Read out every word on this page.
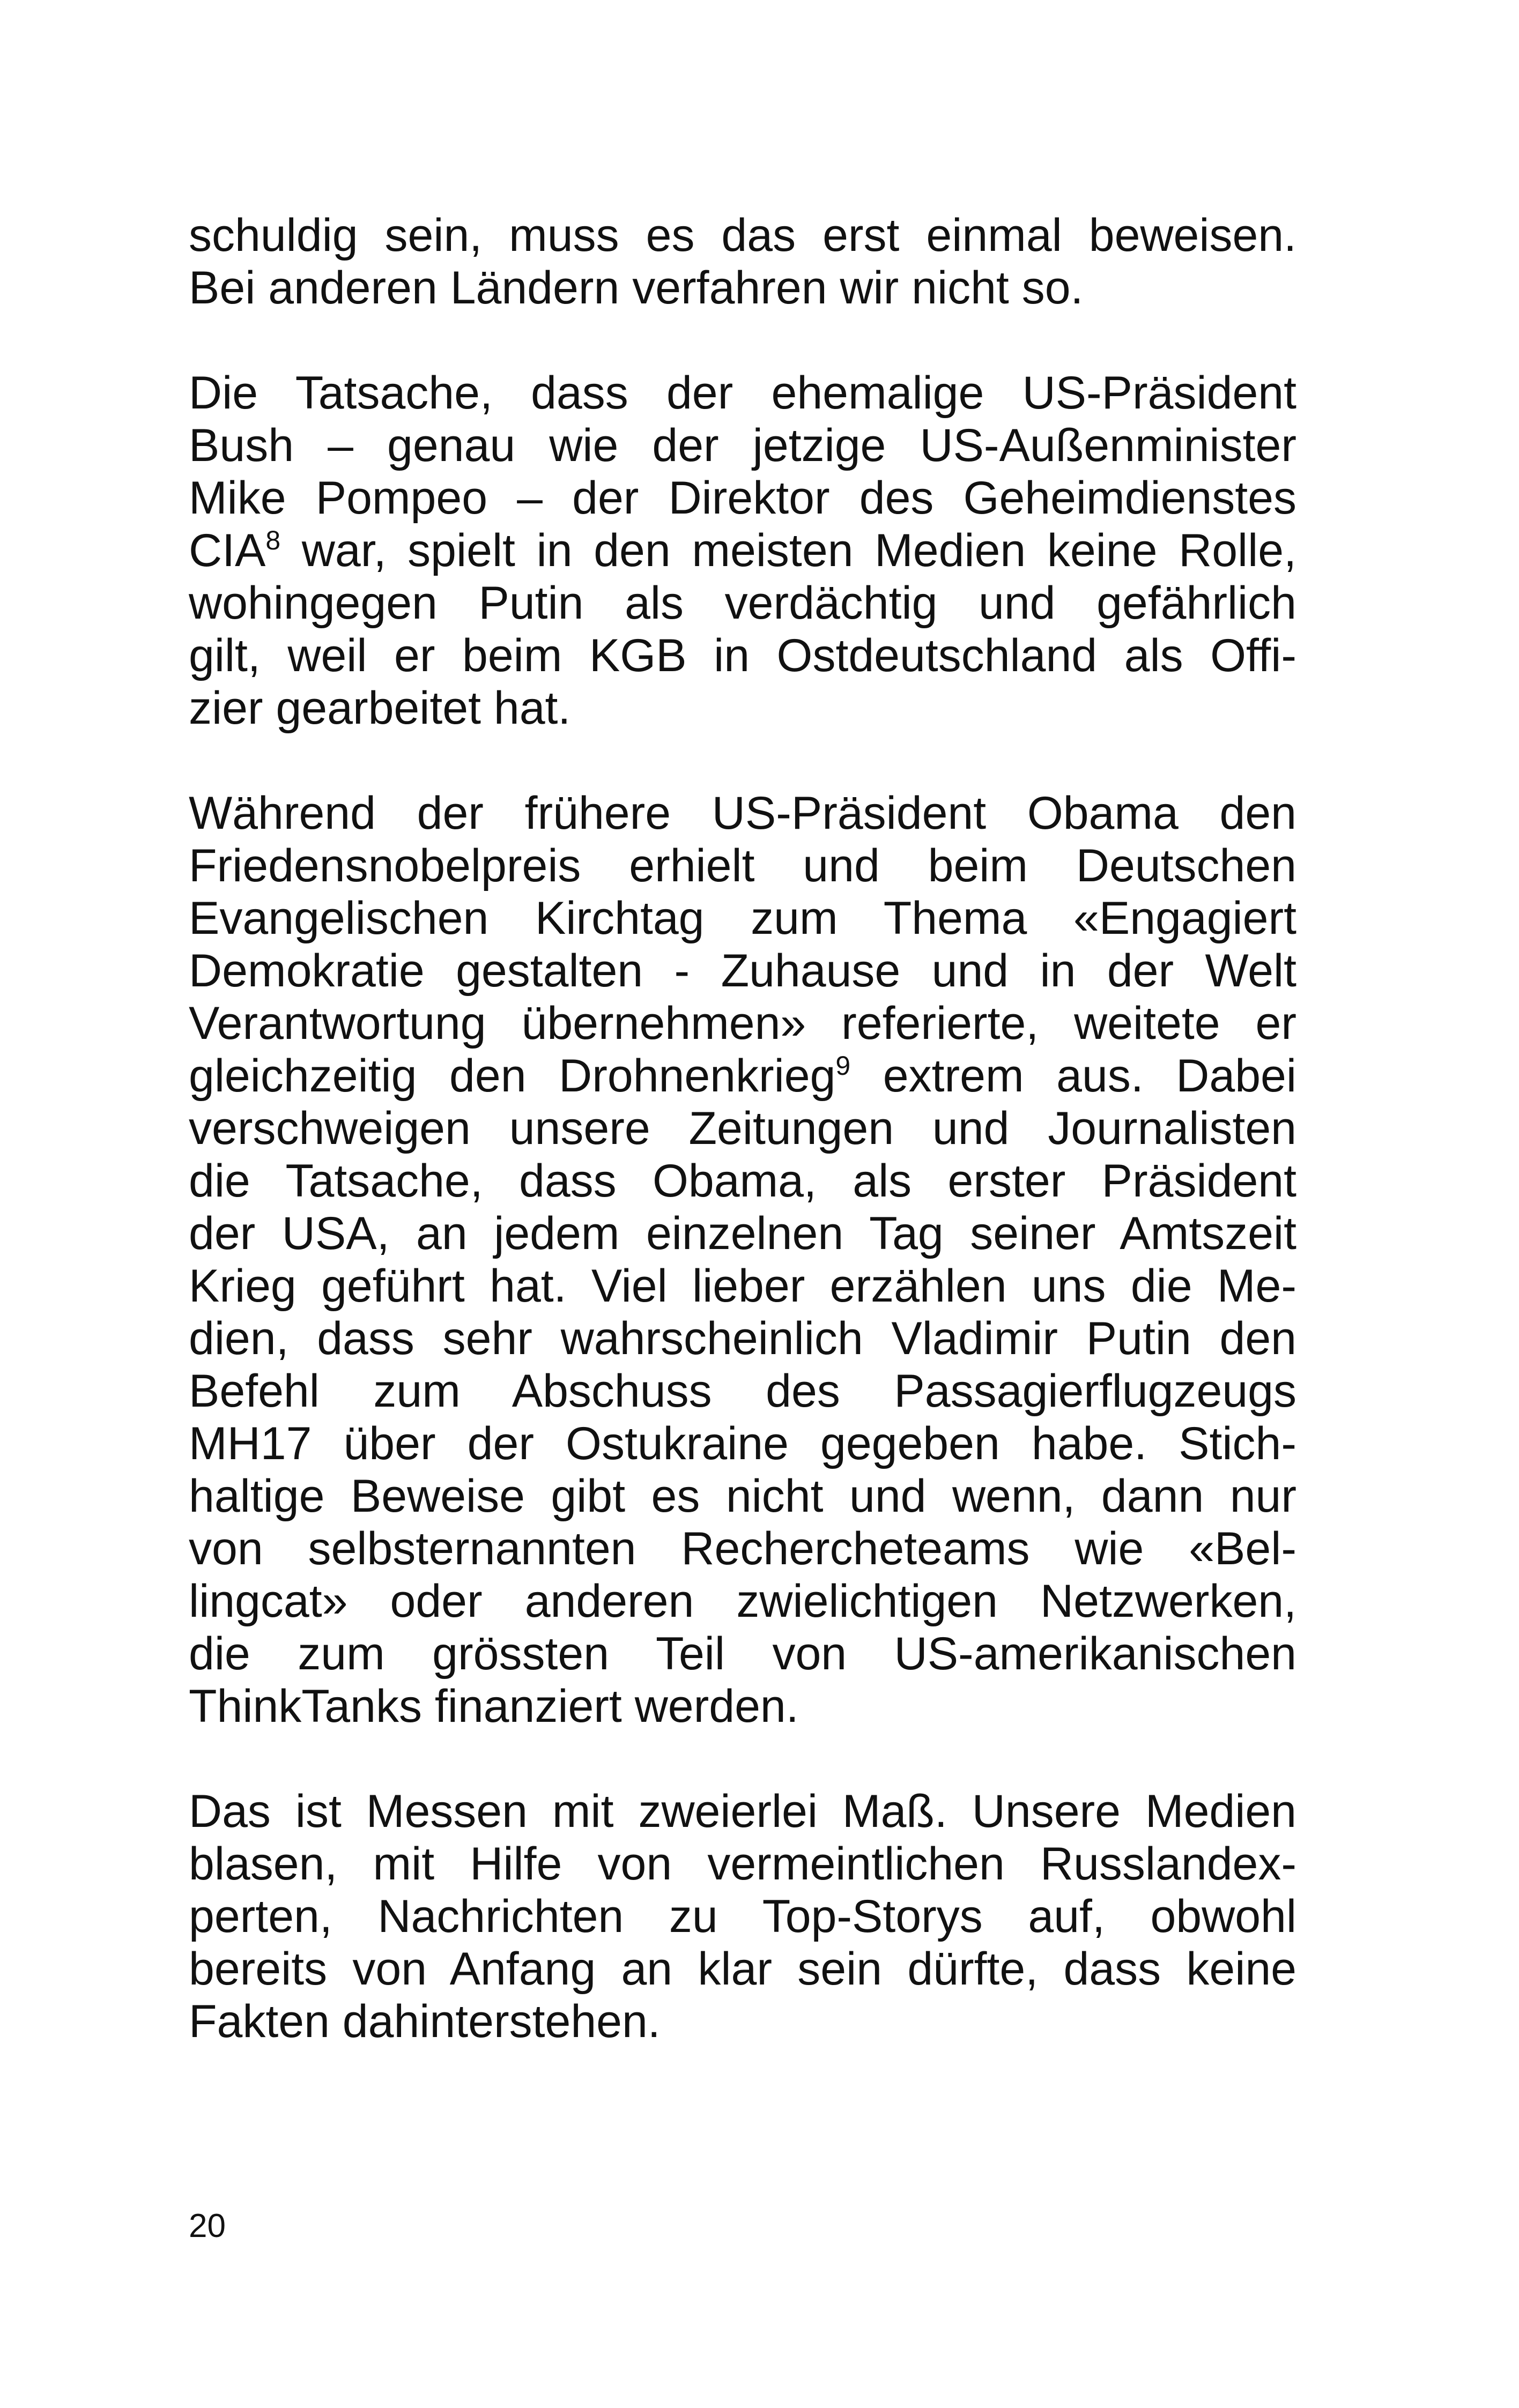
schuldig sein, muss es das erst einmal beweisen.
Bei anderen Ländern verfahren wir nicht so.

Die Tatsache, dass der ehemalige US-Präsident
Bush – genau wie der jetzige US-Außenminister
Mike Pompeo – der Direktor des Geheimdienstes
CIA$^8$ war, spielt in den meisten Medien keine Rolle,
wohingegen Putin als verdächtig und gefährlich
gilt, weil er beim KGB in Ostdeutschland als Offi-
zier gearbeitet hat.

Während der frühere US-Präsident Obama den
Friedensnobelpreis erhielt und beim Deutschen
Evangelischen Kirchtag zum Thema «Engagiert
Demokratie gestalten - Zuhause und in der Welt
Verantwortung übernehmen» referierte, weitete er
gleichzeitig den Drohnenkrieg$^9$ extrem aus. Dabei
verschweigen unsere Zeitungen und Journalisten
die Tatsache, dass Obama, als erster Präsident
der USA, an jedem einzelnen Tag seiner Amtszeit
Krieg geführt hat. Viel lieber erzählen uns die Me-
dien, dass sehr wahrscheinlich Vladimir Putin den
Befehl zum Abschuss des Passagierflugzeugs
MH17 über der Ostukraine gegeben habe. Stich-
haltige Beweise gibt es nicht und wenn, dann nur
von selbsternannten Rechercheteams wie «Bel-
lingcat» oder anderen zwielichtigen Netzwerken,
die zum grössten Teil von US-amerikanischen
ThinkTanks finanziert werden.

Das ist Messen mit zweierlei Maß. Unsere Medien
blasen, mit Hilfe von vermeintlichen Russlandex-
perten, Nachrichten zu Top-Storys auf, obwohl
bereits von Anfang an klar sein dürfte, dass keine
Fakten dahinterstehen.

20
